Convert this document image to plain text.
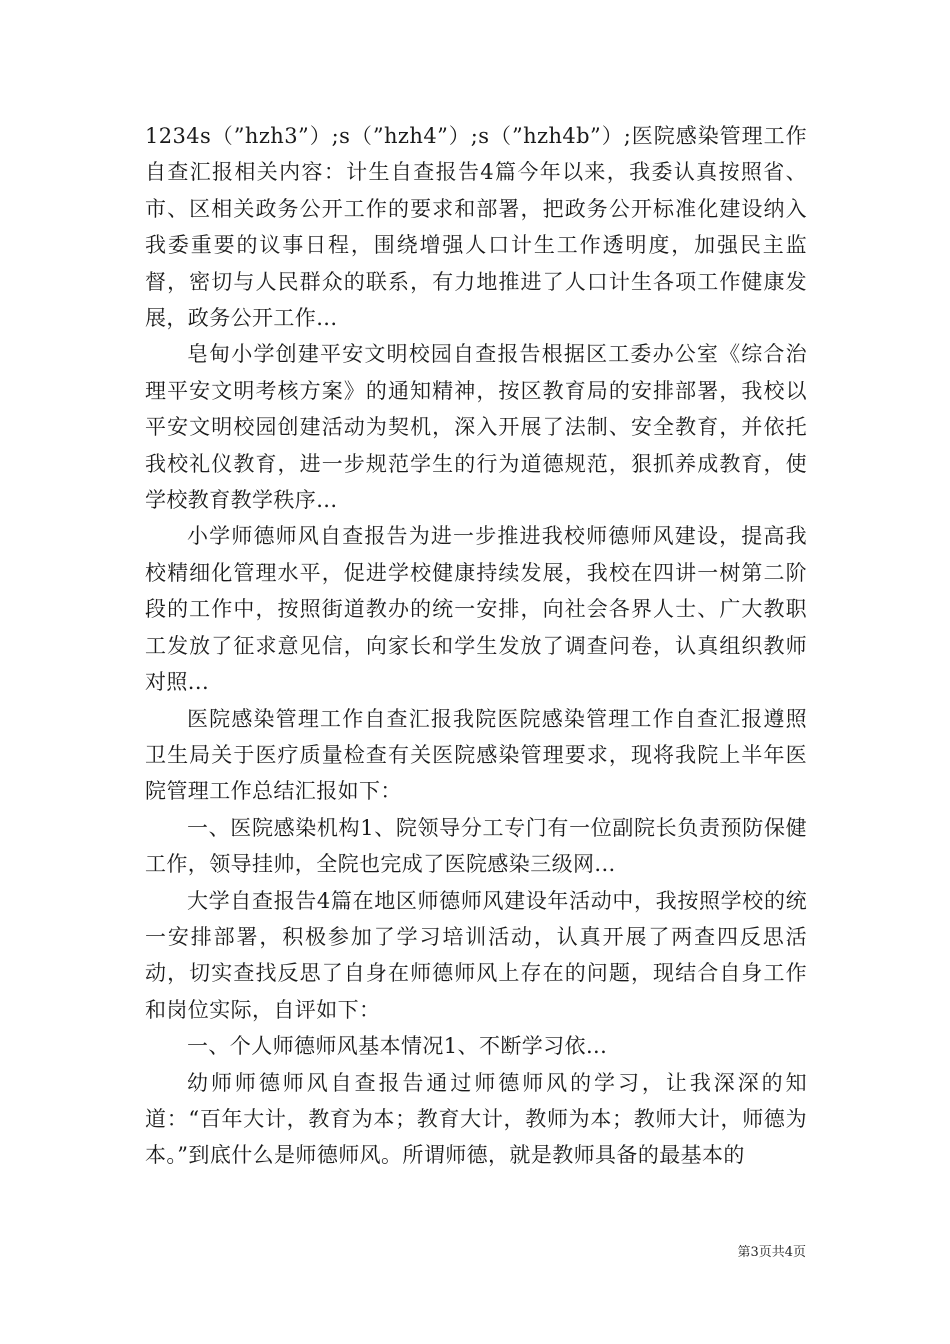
1234s（”hzh3”）;s（”hzh4”）;s（”hzh4b”）;医院感染管理工作自查汇报相关内容：计生自查报告4篇今年以来，我委认真按照省、市、区相关政务公开工作的要求和部署，把政务公开标准化建设纳入我委重要的议事日程，围绕增强人口计生工作透明度，加强民主监督，密切与人民群众的联系，有力地推进了人口计生各项工作健康发展，政务公开工作...

皂甸小学创建平安文明校园自查报告根据区工委办公室《综合治理平安文明考核方案》的通知精神，按区教育局的安排部署，我校以平安文明校园创建活动为契机，深入开展了法制、安全教育，并依托我校礼仪教育，进一步规范学生的行为道德规范，狠抓养成教育，使学校教育教学秩序...

小学师德师风自查报告为进一步推进我校师德师风建设，提高我校精细化管理水平，促进学校健康持续发展，我校在四讲一树第二阶段的工作中，按照街道教办的统一安排，向社会各界人士、广大教职工发放了征求意见信，向家长和学生发放了调查问卷，认真组织教师对照...

医院感染管理工作自查汇报我院医院感染管理工作自查汇报遵照卫生局关于医疗质量检查有关医院感染管理要求，现将我院上半年医院管理工作总结汇报如下：

一、医院感染机构1、院领导分工专门有一位副院长负责预防保健工作，领导挂帅，全院也完成了医院感染三级网...

大学自查报告4篇在地区师德师风建设年活动中，我按照学校的统一安排部署，积极参加了学习培训活动，认真开展了两查四反思活动，切实查找反思了自身在师德师风上存在的问题，现结合自身工作和岗位实际，自评如下：

一、个人师德师风基本情况1、不断学习依...

幼师师德师风自查报告通过师德师风的学习，让我深深的知道：“百年大计，教育为本；教育大计，教师为本；教师大计，师德为本。”到底什么是师德师风。所谓师德，就是教师具备的最基本的

第3页共4页
